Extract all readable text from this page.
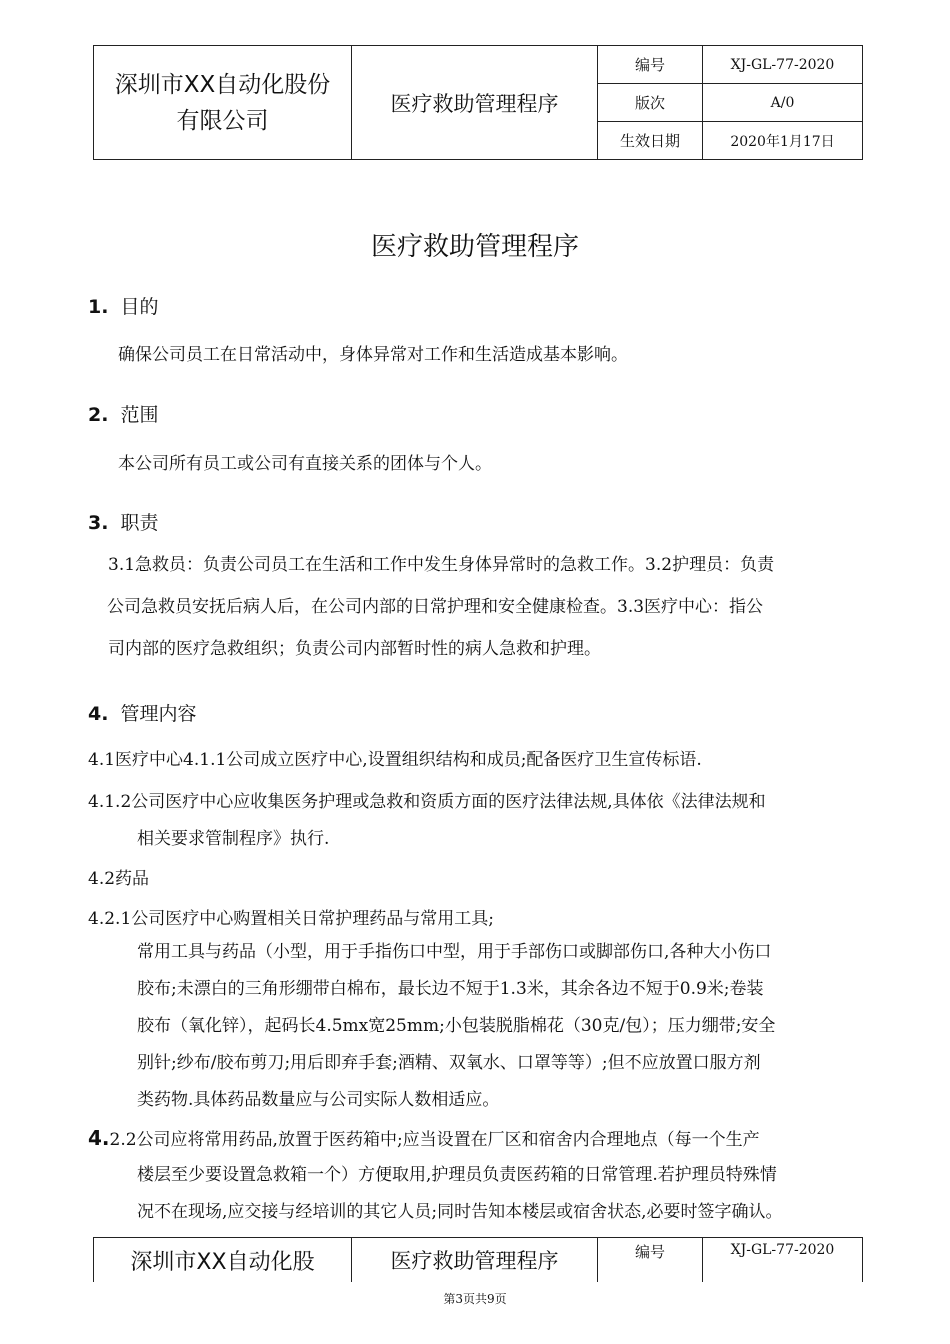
深圳市XX自动化股份有限公司	医疗救助管理程序	编号	XJ-GL-77-2020
		版次	A/0
		生效日期	2020年1月17日
医疗救助管理程序
1. 目的
确保公司员工在日常活动中，身体异常对工作和生活造成基本影响。
2. 范围
本公司所有员工或公司有直接关系的团体与个人。
3. 职责
3.1急救员：负责公司员工在生活和工作中发生身体异常时的急救工作。3.2护理员：负责
公司急救员安抚后病人后，在公司内部的日常护理和安全健康检查。3.3医疗中心：指公
司内部的医疗急救组织；负责公司内部暂时性的病人急救和护理。
4. 管理内容
4.1医疗中心4.1.1公司成立医疗中心,设置组织结构和成员;配备医疗卫生宣传标语.
4.1.2公司医疗中心应收集医务护理或急救和资质方面的医疗法律法规,具体依《法律法规和
相关要求管制程序》执行.
4.2药品
4.2.1公司医疗中心购置相关日常护理药品与常用工具;
常用工具与药品（小型，用于手指伤口中型，用于手部伤口或脚部伤口,各种大小伤口
胶布;未漂白的三角形绷带白棉布，最长边不短于1.3米，其余各边不短于0.9米;卷装
胶布（氧化锌），起码长4.5mx宽25mm;小包装脱脂棉花（30克/包）；压力绷带;安全
别针;纱布/胶布剪刀;用后即弃手套;酒精、双氧水、口罩等等）;但不应放置口服方剂
类药物.具体药品数量应与公司实际人数相适应。
4.2.2公司应将常用药品,放置于医药箱中;应当设置在厂区和宿舍内合理地点（每一个生产
楼层至少要设置急救箱一个）方便取用,护理员负责医药箱的日常管理.若护理员特殊情
况不在现场,应交接与经培训的其它人员;同时告知本楼层或宿舍状态,必要时签字确认。
深圳市XX自动化股	医疗救助管理程序	编号	XJ-GL-77-2020
第3页共9页
